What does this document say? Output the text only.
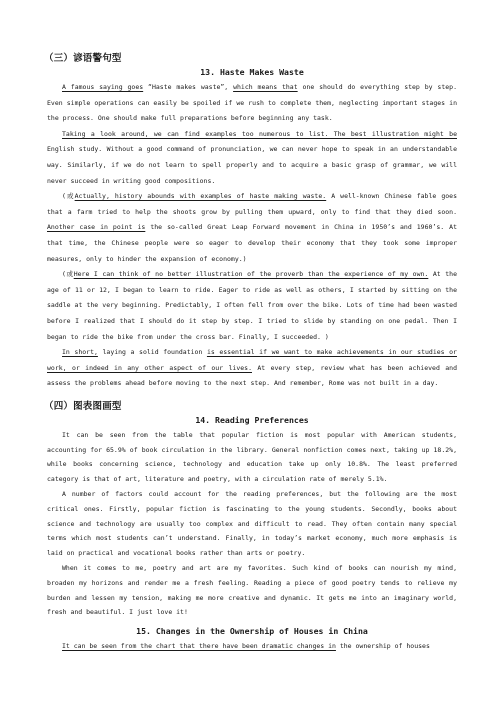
（三）谚语警句型
13. Haste Makes Waste

A famous saying goes “Haste makes waste”, which means that one should do everything step by step. Even simple operations can easily be spoiled if we rush to complete them, neglecting important stages in the process. One should make full preparations before beginning any task.

Taking a look around, we can find examples too numerous to list. The best illustration might be English study. Without a good command of pronunciation, we can never hope to speak in an understandable way. Similarly, if we do not learn to spell properly and to acquire a basic grasp of grammar, we will never succeed in writing good compositions.

(或Actually, history abounds with examples of haste making waste. A well-known Chinese fable goes that a farm tried to help the shoots grow by pulling them upward, only to find that they died soon. Another case in point is the so-called Great Leap Forward movement in China in 1950’s and 1960’s. At that time, the Chinese people were so eager to develop their economy that they took some improper measures, only to hinder the expansion of economy.)

(或Here I can think of no better illustration of the proverb than the experience of my own. At the age of 11 or 12, I began to learn to ride. Eager to ride as well as others, I started by sitting on the saddle at the very beginning. Predictably, I often fell from over the bike. Lots of time had been wasted before I realized that I should do it step by step. I tried to slide by standing on one pedal. Then I began to ride the bike from under the cross bar. Finally, I succeeded. )

In short, laying a solid foundation is essential if we want to make achievements in our studies or work, or indeed in any other aspect of our lives. At every step, review what has been achieved and assess the problems ahead before moving to the next step. And remember, Rome was not built in a day.

（四）图表图画型
14. Reading Preferences

It can be seen from the table that popular fiction is most popular with American students, accounting for 65.9% of book circulation in the library. General nonfiction comes next, taking up 18.2%, while books concerning science, technology and education take up only 10.8%. The least preferred category is that of art, literature and poetry, with a circulation rate of merely 5.1%.

A number of factors could account for the reading preferences, but the following are the most critical ones. Firstly, popular fiction is fascinating to the young students. Secondly, books about science and technology are usually too complex and difficult to read. They often contain many special terms which most students can’t understand. Finally, in today’s market economy, much more emphasis is laid on practical and vocational books rather than arts or poetry.

When it comes to me, poetry and art are my favorites. Such kind of books can nourish my mind, broaden my horizons and render me a fresh feeling. Reading a piece of good poetry tends to relieve my burden and lessen my tension, making me more creative and dynamic. It gets me into an imaginary world, fresh and beautiful. I just love it!

15. Changes in the Ownership of Houses in China

It can be seen from the chart that there have been dramatic changes in the ownership of houses
